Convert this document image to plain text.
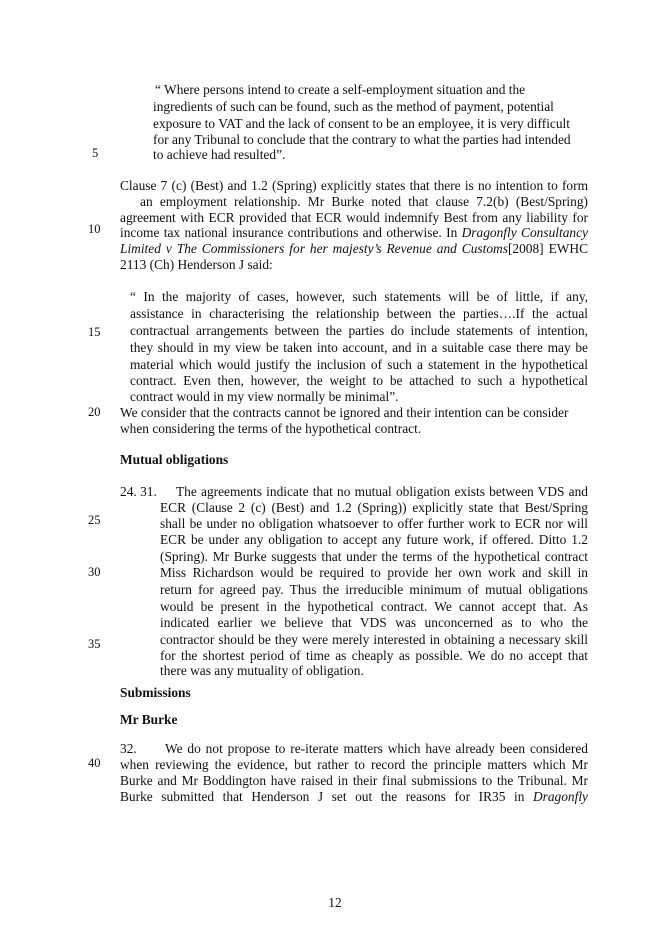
5
10
15
20
25
30
35
40
“ Where persons intend to create a self-employment situation and the
ingredients of such can be found, such as the method of payment, potential
exposure to VAT and the lack of consent to be an employee, it is very difficult
for any Tribunal to conclude that the contrary to what the parties had intended
to achieve had resulted”.
Clause 7 (c) (Best) and 1.2 (Spring) explicitly states that there is no intention to form
an employment relationship. Mr Burke noted that clause 7.2(b) (Best/Spring)
agreement with ECR provided that ECR would indemnify Best from any liability for
income tax national insurance contributions and otherwise. In Dragonfly Consultancy
Limited v The Commissioners for her majesty’s Revenue and Customs[2008] EWHC
2113 (Ch) Henderson J said:
“ In the majority of cases, however, such statements will be of little, if any,
assistance in characterising the relationship between the parties….If the actual
contractual arrangements between the parties do include statements of intention,
they should in my view be taken into account, and in a suitable case there may be
material which would justify the inclusion of such a statement in the hypothetical
contract. Even then, however, the weight to be attached to such a hypothetical
contract would in my view normally be minimal”.
We consider that the contracts cannot be ignored and their intention can be consider
when considering the terms of the hypothetical contract.
Mutual obligations
24. 31. The agreements indicate that no mutual obligation exists between VDS and
ECR (Clause 2 (c) (Best) and 1.2 (Spring)) explicitly state that Best/Spring
shall be under no obligation whatsoever to offer further work to ECR nor will
ECR be under any obligation to accept any future work, if offered. Ditto 1.2
(Spring). Mr Burke suggests that under the terms of the hypothetical contract
Miss Richardson would be required to provide her own work and skill in
return for agreed pay. Thus the irreducible minimum of mutual obligations
would be present in the hypothetical contract. We cannot accept that. As
indicated earlier we believe that VDS was unconcerned as to who the
contractor should be they were merely interested in obtaining a necessary skill
for the shortest period of time as cheaply as possible. We do no accept that
there was any mutuality of obligation.
Submissions
Mr Burke
32. We do not propose to re-iterate matters which have already been considered
when reviewing the evidence, but rather to record the principle matters which Mr
Burke and Mr Boddington have raised in their final submissions to the Tribunal. Mr
Burke submitted that Henderson J set out the reasons for IR35 in Dragonfly
12
